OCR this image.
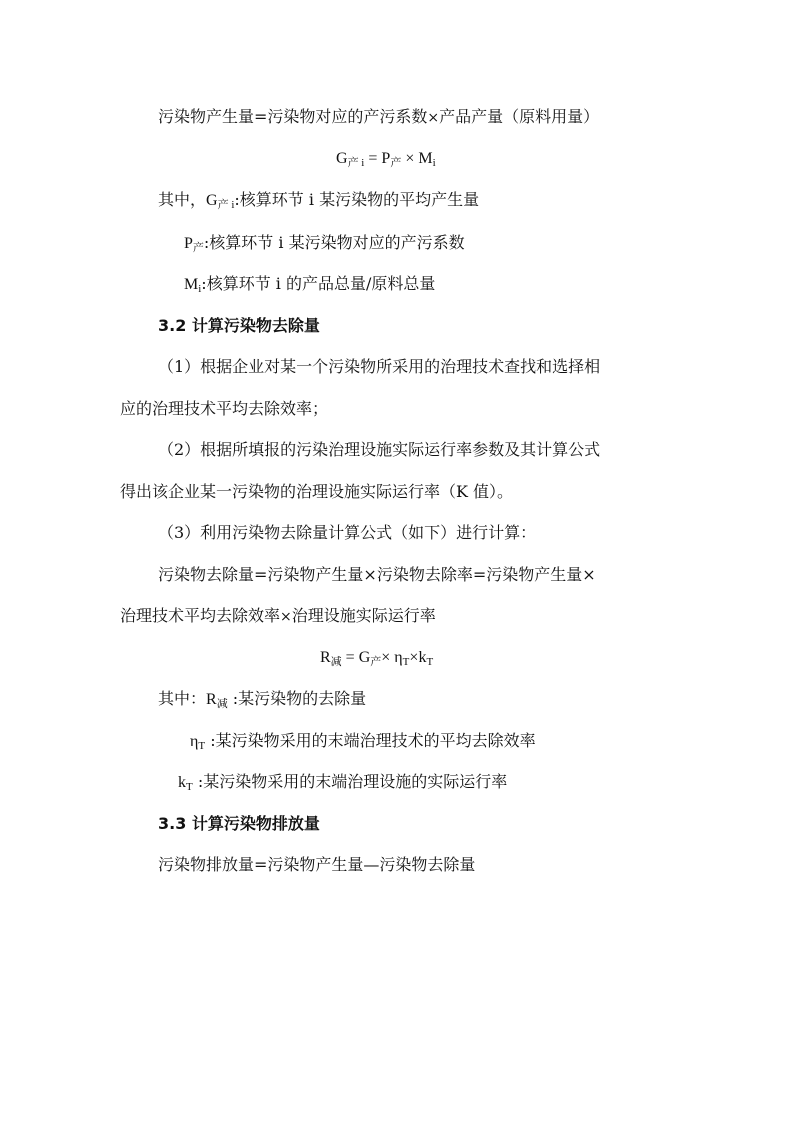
污染物产生量=污染物对应的产污系数×产品产量（原料用量）
$G_{产 i} = P_产 \times M_i$
其中，$G_{产 i}$:核算环节 i 某污染物的平均产生量
$P_产$:核算环节 i 某污染物对应的产污系数
$M_i$:核算环节 i 的产品总量/原料总量
3.2 计算污染物去除量
（1）根据企业对某一个污染物所采用的治理技术查找和选择相
应的治理技术平均去除效率；
（2）根据所填报的污染治理设施实际运行率参数及其计算公式
得出该企业某一污染物的治理设施实际运行率（K 值）。
（3）利用污染物去除量计算公式（如下）进行计算：
污染物去除量=污染物产生量×污染物去除率=污染物产生量×
治理技术平均去除效率×治理设施实际运行率
$R_减 = G_产\times \eta_T\times k_T$
其中：$R_减$ :某污染物的去除量
$\eta_T$ :某污染物采用的末端治理技术的平均去除效率
$k_T$ :某污染物采用的末端治理设施的实际运行率
3.3 计算污染物排放量
污染物排放量=污染物产生量—污染物去除量
